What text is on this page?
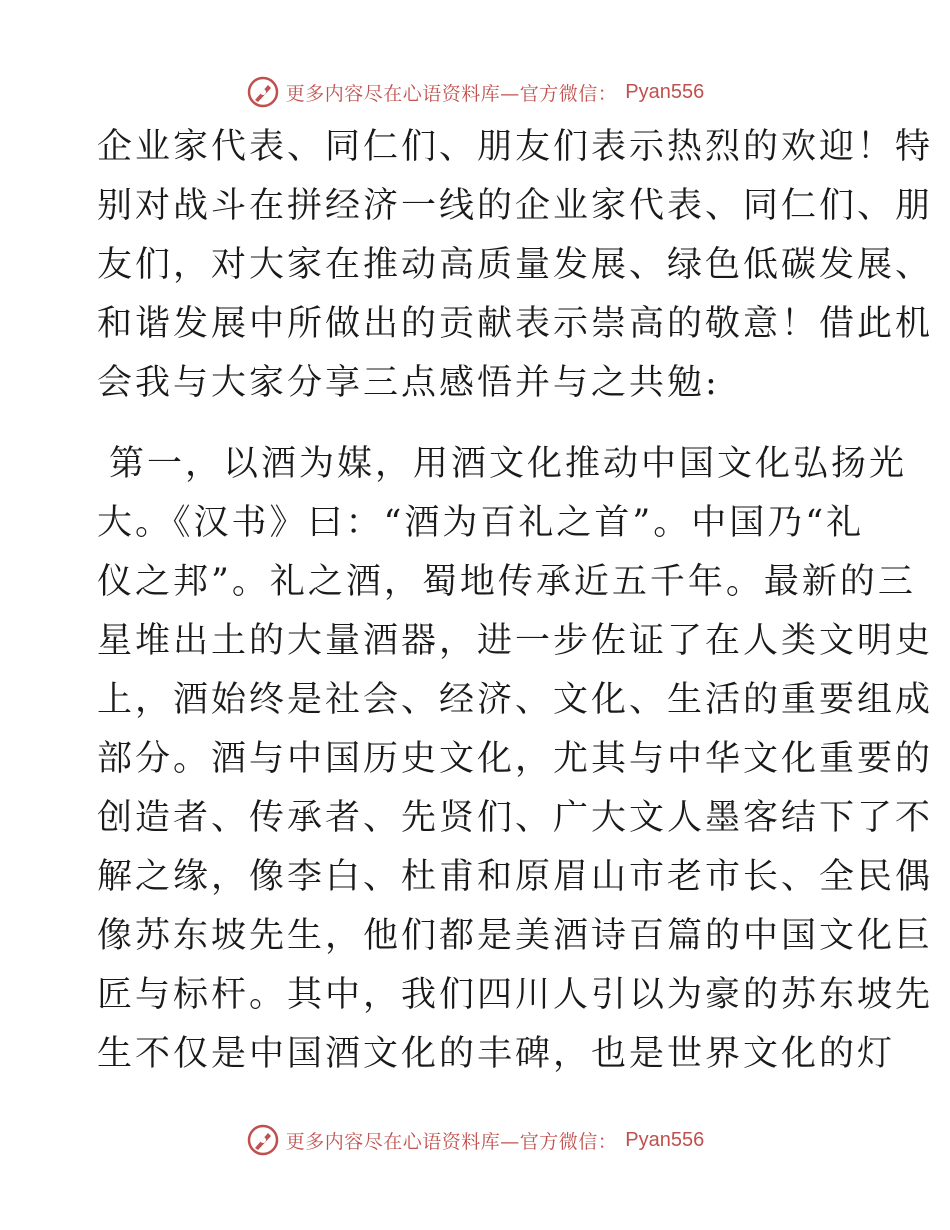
更多内容尽在心语资料库—官方微信： Pyan556
企业家代表、同仁们、朋友们表示热烈的欢迎！特
别对战斗在拼经济一线的企业家代表、同仁们、朋
友们，对大家在推动高质量发展、绿色低碳发展、
和谐发展中所做出的贡献表示崇高的敬意！借此机
会我与大家分享三点感悟并与之共勉:
第一，以酒为媒，用酒文化推动中国文化弘扬光
大。《汉书》曰：“酒为百礼之首”。中国乃“礼
仪之邦”。礼之酒，蜀地传承近五千年。最新的三
星堆出土的大量酒器，进一步佐证了在人类文明史
上，酒始终是社会、经济、文化、生活的重要组成
部分。酒与中国历史文化，尤其与中华文化重要的
创造者、传承者、先贤们、广大文人墨客结下了不
解之缘，像李白、杜甫和原眉山市老市长、全民偶
像苏东坡先生，他们都是美酒诗百篇的中国文化巨
匠与标杆。其中，我们四川人引以为豪的苏东坡先
生不仅是中国酒文化的丰碑，也是世界文化的灯
更多内容尽在心语资料库—官方微信： Pyan556
